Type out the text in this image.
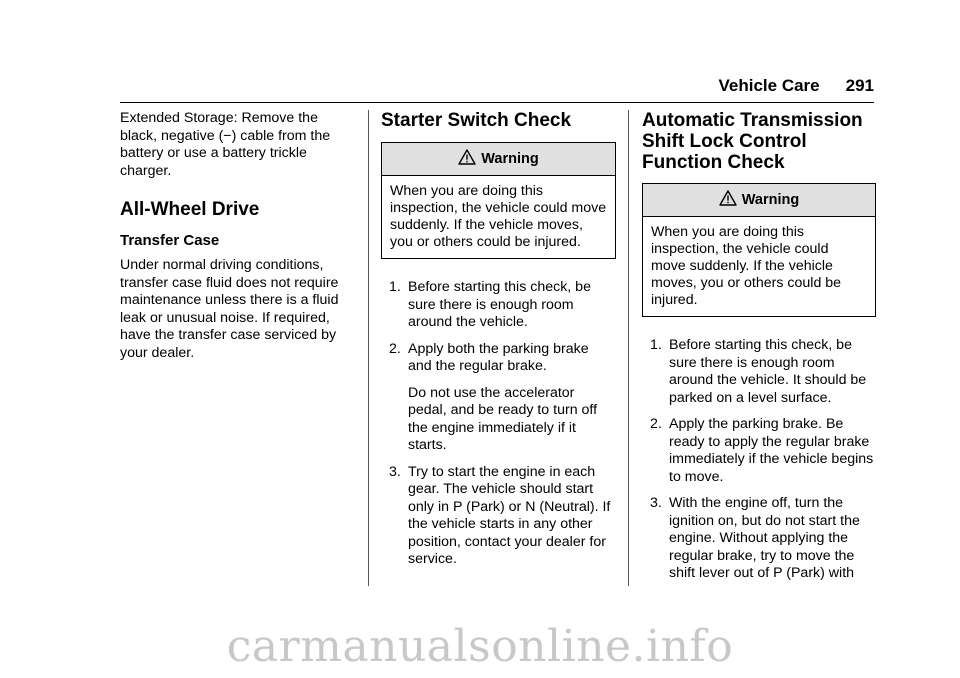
Vehicle Care 291

Extended Storage: Remove the black, negative (−) cable from the battery or use a battery trickle charger.

All-Wheel Drive
Transfer Case

Under normal driving conditions, transfer case fluid does not require maintenance unless there is a fluid leak or unusual noise. If required, have the transfer case serviced by your dealer.

Starter Switch Check
Warning
When you are doing this inspection, the vehicle could move suddenly. If the vehicle moves, you or others could be injured.
1. Before starting this check, be sure there is enough room around the vehicle.
2. Apply both the parking brake and the regular brake.
Do not use the accelerator pedal, and be ready to turn off the engine immediately if it starts.
3. Try to start the engine in each gear. The vehicle should start only in P (Park) or N (Neutral). If the vehicle starts in any other position, contact your dealer for service.
Automatic Transmission Shift Lock Control Function Check
Warning
When you are doing this inspection, the vehicle could move suddenly. If the vehicle moves, you or others could be injured.
1. Before starting this check, be sure there is enough room around the vehicle. It should be parked on a level surface.
2. Apply the parking brake. Be ready to apply the regular brake immediately if the vehicle begins to move.
3. With the engine off, turn the ignition on, but do not start the engine. Without applying the regular brake, try to move the shift lever out of P (Park) with
carmanualsonline.info
